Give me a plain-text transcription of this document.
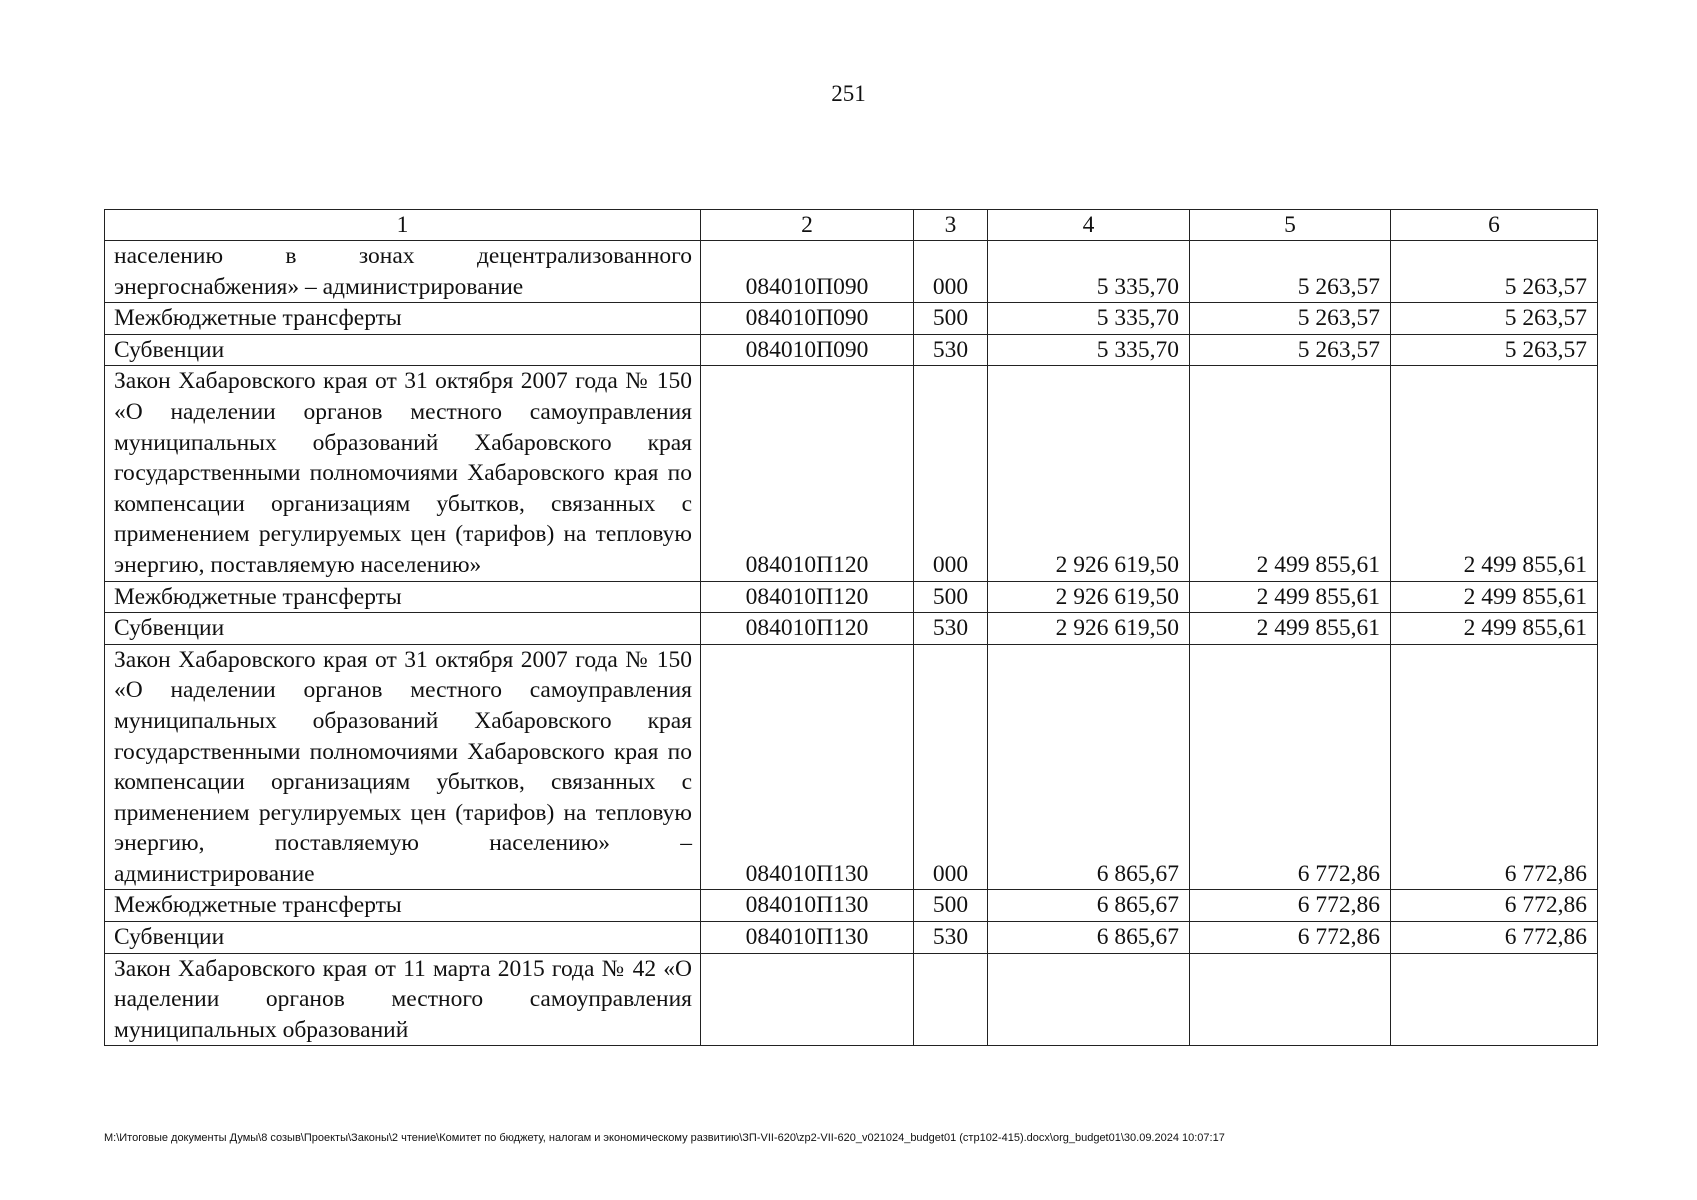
251
1	2	3	4	5	6
населению в зонах децентрализованного энергоснабжения» – администрирование	084010П090	000	5 335,70	5 263,57	5 263,57
Межбюджетные трансферты	084010П090	500	5 335,70	5 263,57	5 263,57
Субвенции	084010П090	530	5 335,70	5 263,57	5 263,57
Закон Хабаровского края от 31 октября 2007 года № 150 «О наделении органов местного самоуправления муниципальных образований Хабаровского края государственными полномочиями Хабаровского края по компенсации организациям убытков, связанных с применением регулируемых цен (тарифов) на тепловую энергию, поставляемую населению»	084010П120	000	2 926 619,50	2 499 855,61	2 499 855,61
Межбюджетные трансферты	084010П120	500	2 926 619,50	2 499 855,61	2 499 855,61
Субвенции	084010П120	530	2 926 619,50	2 499 855,61	2 499 855,61
Закон Хабаровского края от 31 октября 2007 года № 150 «О наделении органов местного самоуправления муниципальных образований Хабаровского края государственными полномочиями Хабаровского края по компенсации организациям убытков, связанных с применением регулируемых цен (тарифов) на тепловую энергию, поставляемую населению» – администрирование	084010П130	000	6 865,67	6 772,86	6 772,86
Межбюджетные трансферты	084010П130	500	6 865,67	6 772,86	6 772,86
Субвенции	084010П130	530	6 865,67	6 772,86	6 772,86
Закон Хабаровского края от 11 марта 2015 года № 42 «О наделении органов местного самоуправления муниципальных образований					
M:\Итоговые документы Думы\8 созыв\Проекты\Законы\2 чтение\Комитет по бюджету, налогам и экономическому развитию\ЗП-VII-620\zp2-VII-620_v021024_budget01 (стр102-415).docx\org_budget01\30.09.2024 10:07:17
